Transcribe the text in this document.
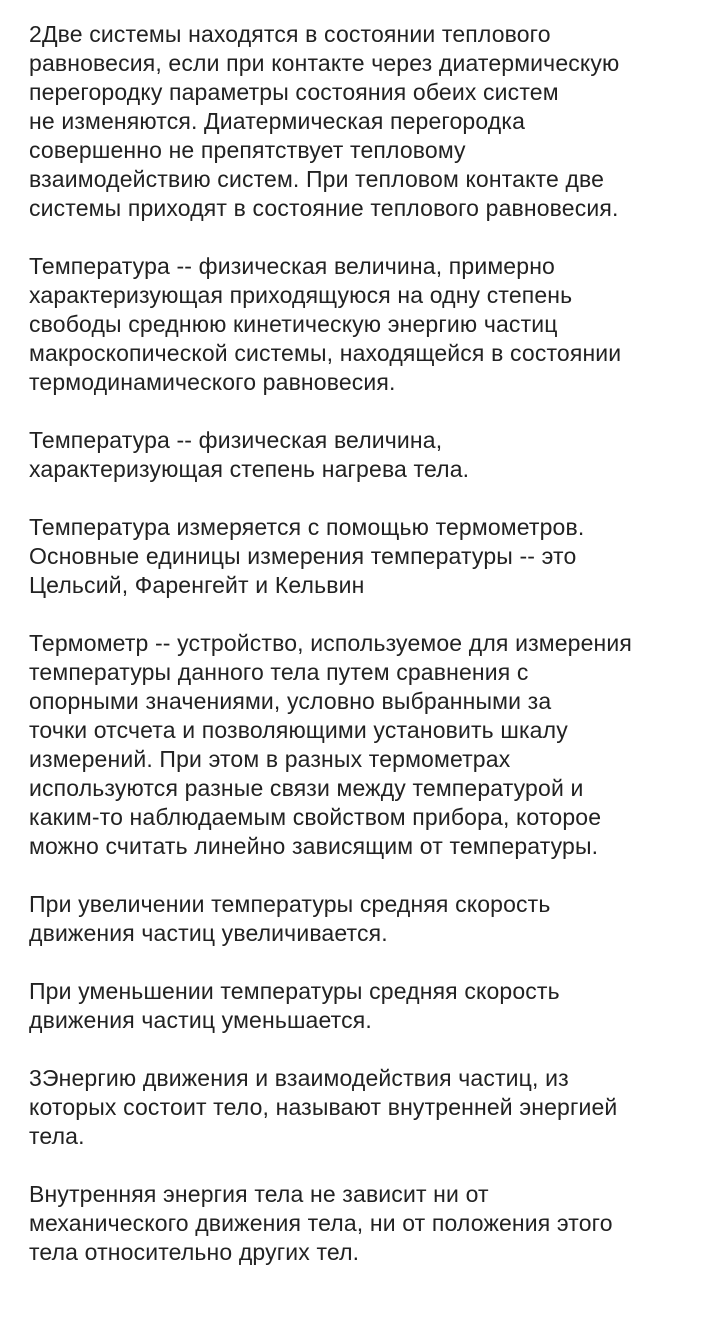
2Две системы находятся в состоянии теплового
равновесия, если при контакте через диатермическую
перегородку параметры состояния обеих систем
не изменяются. Диатермическая перегородка
совершенно не препятствует тепловому
взаимодействию систем. При тепловом контакте две
системы приходят в состояние теплового равновесия.
Температура -- физическая величина, примерно
характеризующая приходящуюся на одну степень
свободы среднюю кинетическую энергию частиц
макроскопической системы, находящейся в состоянии
термодинамического равновесия.
Температура -- физическая величина,
характеризующая степень нагрева тела.
Температура измеряется с помощью термометров.
Основные единицы измерения температуры -- это
Цельсий, Фаренгейт и Кельвин
Термометр -- устройство, используемое для измерения
температуры данного тела путем сравнения с
опорными значениями, условно выбранными за
точки отсчета и позволяющими установить шкалу
измерений. При этом в разных термометрах
используются разные связи между температурой и
каким-то наблюдаемым свойством прибора, которое
можно считать линейно зависящим от температуры.
При увеличении температуры средняя скорость
движения частиц увеличивается.
При уменьшении температуры средняя скорость
движения частиц уменьшается.
3Энергию движения и взаимодействия частиц, из
которых состоит тело, называют внутренней энергией
тела.
Внутренняя энергия тела не зависит ни от
механического движения тела, ни от положения этого
тела относительно других тел.
